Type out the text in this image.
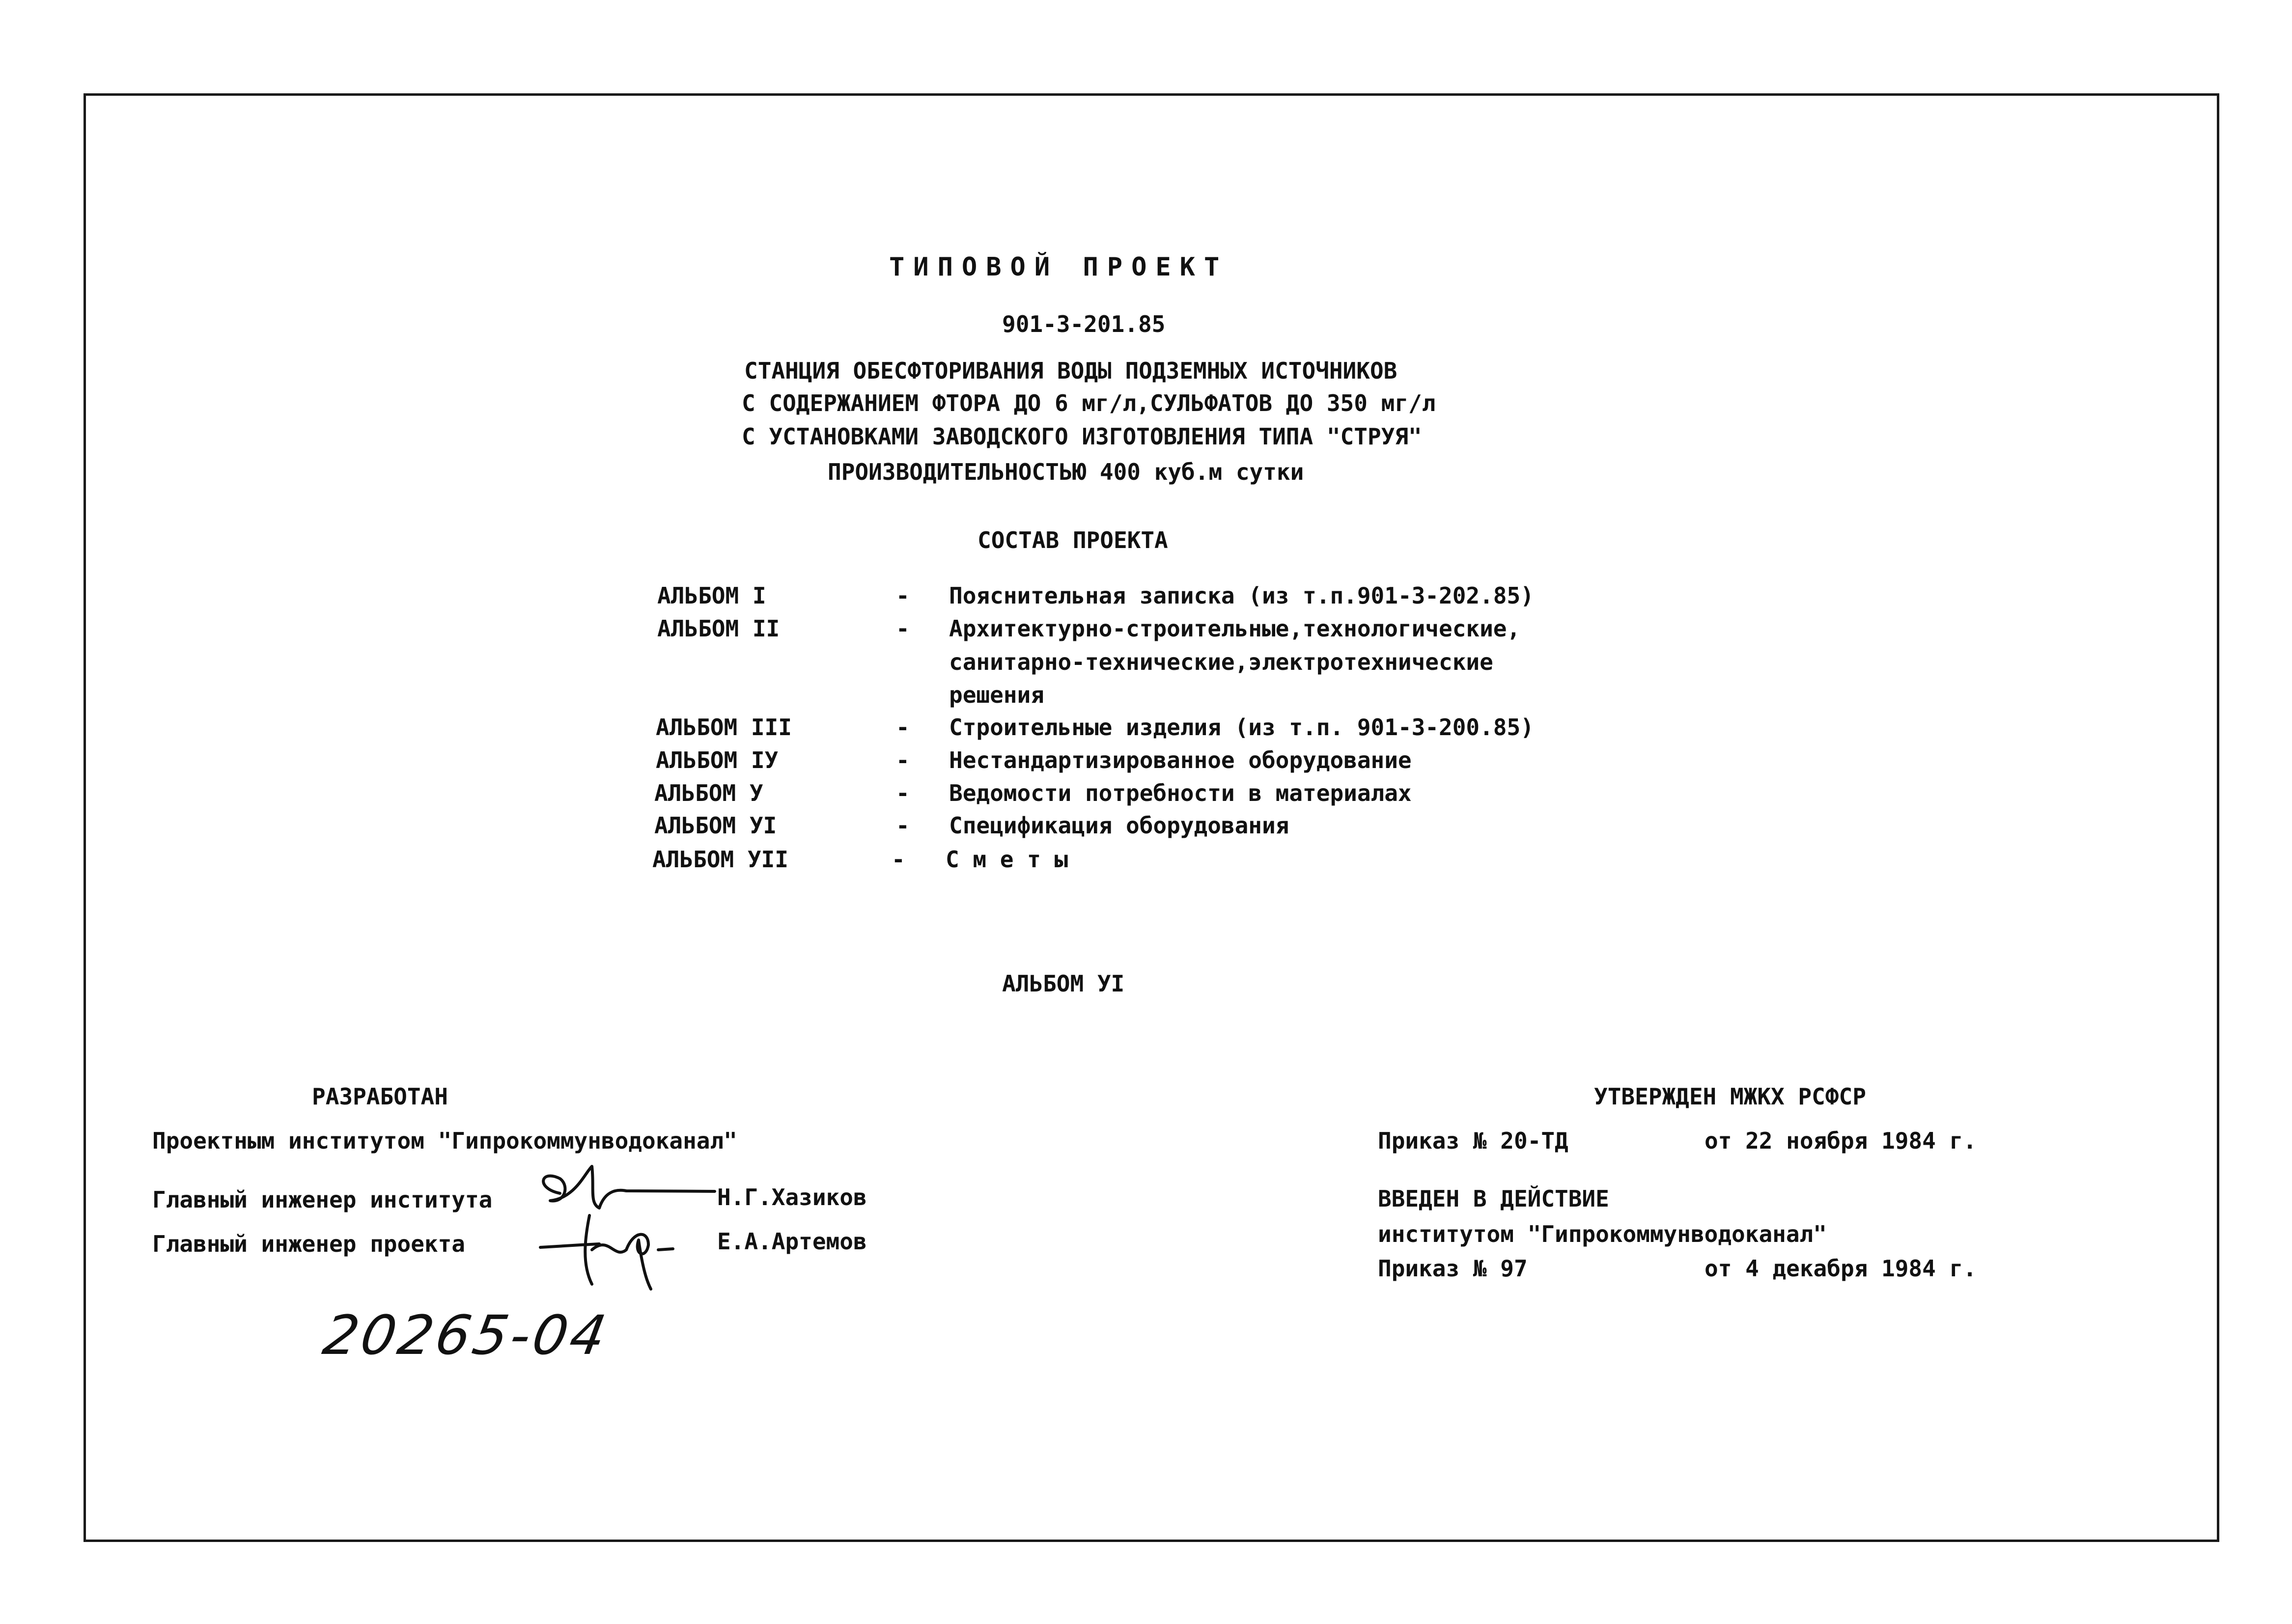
ТИПОВОЙ ПРОЕКТ
901-3-201.85
СТАНЦИЯ ОБЕСФТОРИВАНИЯ ВОДЫ ПОДЗЕМНЫХ ИСТОЧНИКОВ
С СОДЕРЖАНИЕМ ФТОРА ДО 6 мг/л,СУЛЬФАТОВ ДО 350 мг/л
С УСТАНОВКАМИ ЗАВОДСКОГО ИЗГОТОВЛЕНИЯ ТИПА "СТРУЯ"
ПРОИЗВОДИТЕЛЬНОСТЬЮ 400 куб.м сутки
СОСТАВ ПРОЕКТА
АЛЬБОМ I	- Пояснительная записка (из т.п.901-3-202.85)
АЛЬБОМ II	- Архитектурно-строительные,технологические,
санитарно-технические,электротехнические
решения
АЛЬБОМ III	- Строительные изделия (из т.п. 901-3-200.85)
АЛЬБОМ IУ	- Нестандартизированное оборудование
АЛЬБОМ У	- Ведомости потребности в материалах
АЛЬБОМ УI	- Спецификация оборудования
АЛЬБОМ УII	- С м е т ы
АЛЬБОМ УI
РАЗРАБОТАН
Проектным институтом "Гипрокоммунводоканал"
Главный инженер института	Н.Г.Хазиков
Главный инженер проекта	Е.А.Артемов
20265-04
УТВЕРЖДЕН МЖКХ РСФСР
Приказ № 20-ТД	от 22 ноября 1984 г.
ВВЕДЕН В ДЕЙСТВИЕ
институтом "Гипрокоммунводоканал"
Приказ № 97	от 4 декабря 1984 г.
